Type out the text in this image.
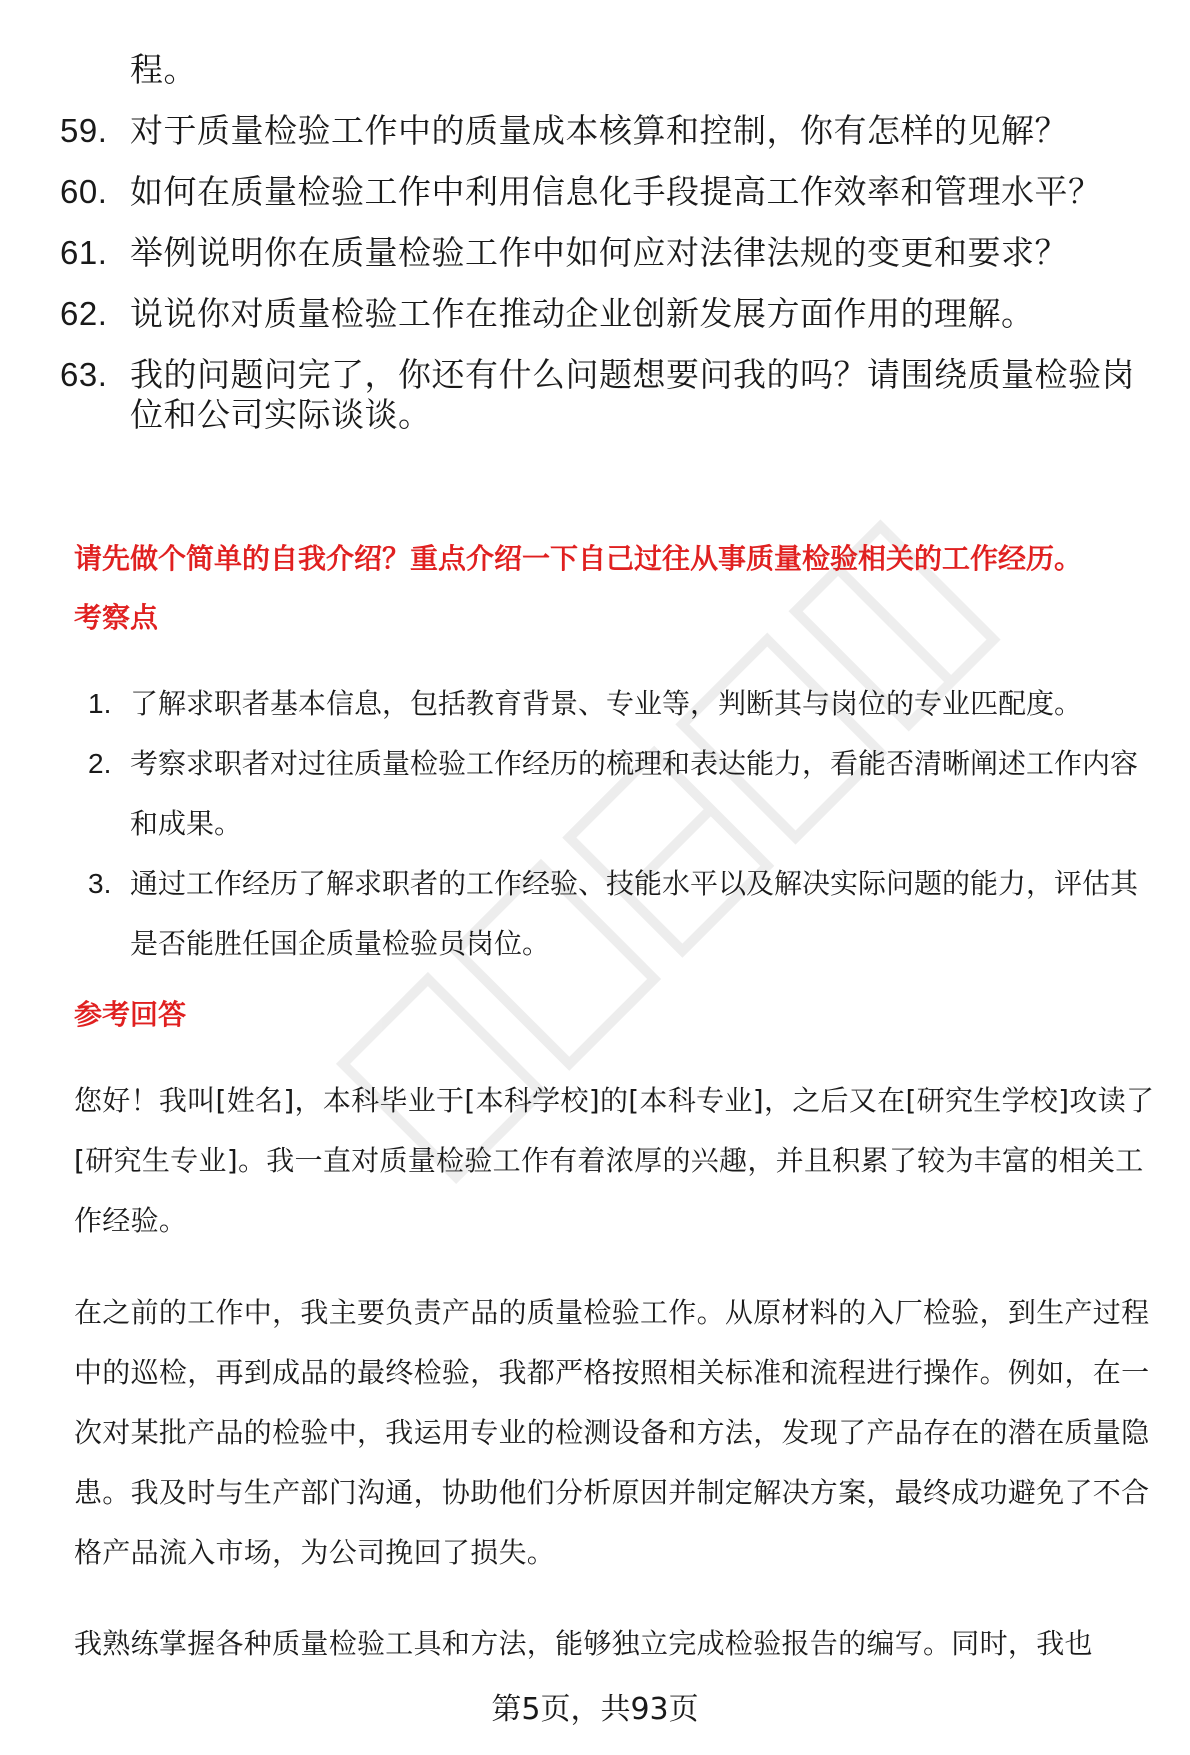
程。
59. 对于质量检验工作中的质量成本核算和控制，你有怎样的见解？
60. 如何在质量检验工作中利用信息化手段提高工作效率和管理水平？
61. 举例说明你在质量检验工作中如何应对法律法规的变更和要求？
62. 说说你对质量检验工作在推动企业创新发展方面作用的理解。
63. 我的问题问完了，你还有什么问题想要问我的吗？请围绕质量检验岗位和公司实际谈谈。
请先做个简单的自我介绍？重点介绍一下自己过往从事质量检验相关的工作经历。
考察点
1. 了解求职者基本信息，包括教育背景、专业等，判断其与岗位的专业匹配度。
2. 考察求职者对过往质量检验工作经历的梳理和表达能力，看能否清晰阐述工作内容和成果。
3. 通过工作经历了解求职者的工作经验、技能水平以及解决实际问题的能力，评估其是否能胜任国企质量检验员岗位。
参考回答
您好！我叫[姓名]，本科毕业于[本科学校]的[本科专业]，之后又在[研究生学校]攻读了[研究生专业]。我一直对质量检验工作有着浓厚的兴趣，并且积累了较为丰富的相关工作经验。
在之前的工作中，我主要负责产品的质量检验工作。从原材料的入厂检验，到生产过程中的巡检，再到成品的最终检验，我都严格按照相关标准和流程进行操作。例如，在一次对某批产品的检验中，我运用专业的检测设备和方法，发现了产品存在的潜在质量隐患。我及时与生产部门沟通，协助他们分析原因并制定解决方案，最终成功避免了不合格产品流入市场，为公司挽回了损失。
我熟练掌握各种质量检验工具和方法，能够独立完成检验报告的编写。同时，我也
第5页，共93页
